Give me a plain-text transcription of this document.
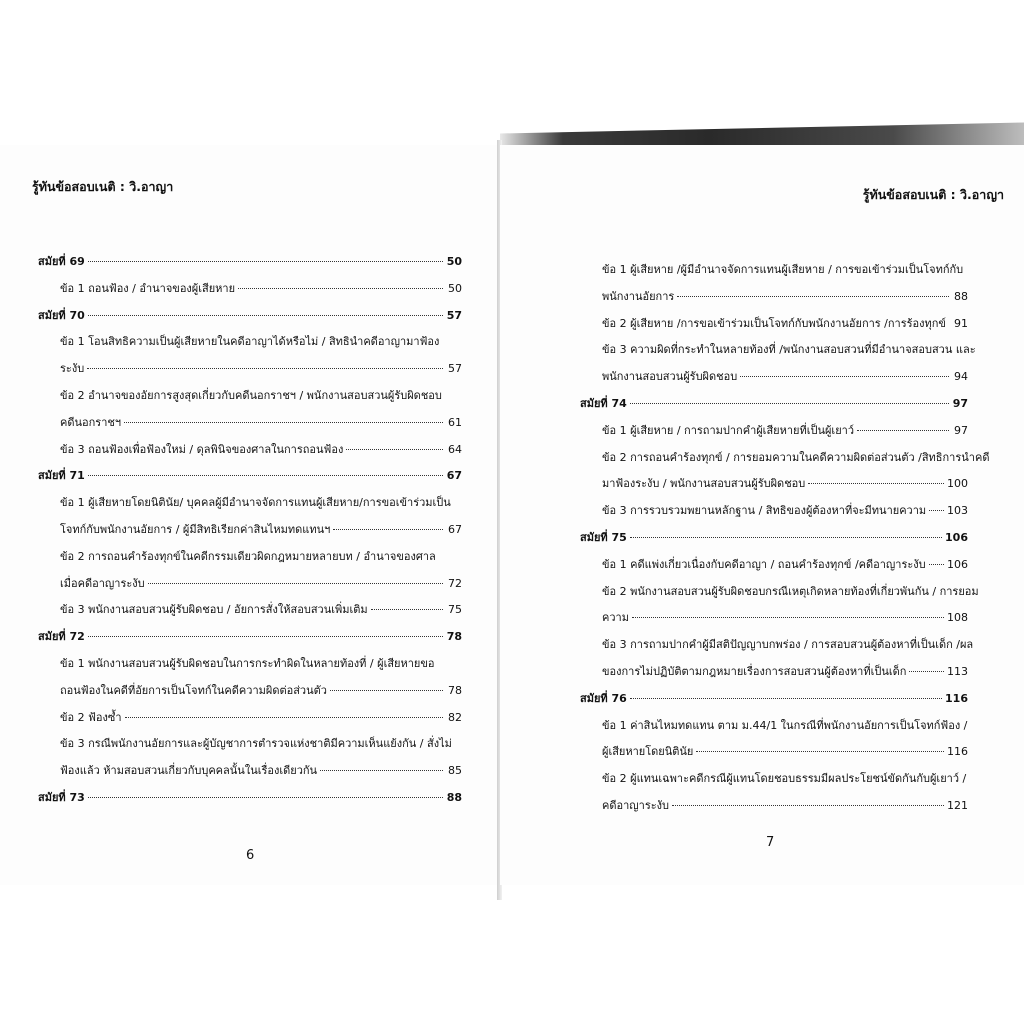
รู้ทันข้อสอบเนติ : วิ.อาญา
สมัยที่ 69	50
ข้อ 1 ถอนฟ้อง / อำนาจของผู้เสียหาย	50
สมัยที่ 70	57
ข้อ 1 โอนสิทธิความเป็นผู้เสียหายในคดีอาญาได้หรือไม่ / สิทธินำคดีอาญามาฟ้อง
ระงับ	57
ข้อ 2 อำนาจของอัยการสูงสุดเกี่ยวกับคดีนอกราชฯ / พนักงานสอบสวนผู้รับผิดชอบ
คดีนอกราชฯ	61
ข้อ 3 ถอนฟ้องเพื่อฟ้องใหม่ / ดุลพินิจของศาลในการถอนฟ้อง	64
สมัยที่ 71	67
ข้อ 1 ผู้เสียหายโดยนิตินัย/ บุคคลผู้มีอำนาจจัดการแทนผู้เสียหาย/การขอเข้าร่วมเป็น
โจทก์กับพนักงานอัยการ / ผู้มีสิทธิเรียกค่าสินไหมทดแทนฯ	67
ข้อ 2 การถอนคำร้องทุกข์ในคดีกรรมเดียวผิดกฎหมายหลายบท / อำนาจของศาล
เมื่อคดีอาญาระงับ	72
ข้อ 3 พนักงานสอบสวนผู้รับผิดชอบ / อัยการสั่งให้สอบสวนเพิ่มเติม	75
สมัยที่ 72	78
ข้อ 1 พนักงานสอบสวนผู้รับผิดชอบในการกระทำผิดในหลายท้องที่ / ผู้เสียหายขอ
ถอนฟ้องในคดีที่อัยการเป็นโจทก์ในคดีความผิดต่อส่วนตัว	78
ข้อ 2 ฟ้องซ้ำ	82
ข้อ 3 กรณีพนักงานอัยการและผู้บัญชาการตำรวจแห่งชาติมีความเห็นแย้งกัน / สั่งไม่
ฟ้องแล้ว ห้ามสอบสวนเกี่ยวกับบุคคลนั้นในเรื่องเดียวกัน	85
สมัยที่ 73	88
6
รู้ทันข้อสอบเนติ : วิ.อาญา
ข้อ 1 ผู้เสียหาย /ผู้มีอำนาจจัดการแทนผู้เสียหาย / การขอเข้าร่วมเป็นโจทก์กับ
พนักงานอัยการ	88
ข้อ 2 ผู้เสียหาย /การขอเข้าร่วมเป็นโจทก์กับพนักงานอัยการ /การร้องทุกข์ 91
ข้อ 3 ความผิดที่กระทำในหลายท้องที่ /พนักงานสอบสวนที่มีอำนาจสอบสวน และ
พนักงานสอบสวนผู้รับผิดชอบ	94
สมัยที่ 74	97
ข้อ 1 ผู้เสียหาย / การถามปากคำผู้เสียหายที่เป็นผู้เยาว์	97
ข้อ 2 การถอนคำร้องทุกข์ / การยอมความในคดีความผิดต่อส่วนตัว /สิทธิการนำคดี
มาฟ้องระงับ / พนักงานสอบสวนผู้รับผิดชอบ	100
ข้อ 3 การรวบรวมพยานหลักฐาน / สิทธิของผู้ต้องหาที่จะมีทนายความ 103
สมัยที่ 75	106
ข้อ 1 คดีแพ่งเกี่ยวเนื่องกับคดีอาญา / ถอนคำร้องทุกข์ /คดีอาญาระงับ 106
ข้อ 2 พนักงานสอบสวนผู้รับผิดชอบกรณีเหตุเกิดหลายท้องที่เกี่ยวพันกัน / การยอม
ความ	108
ข้อ 3 การถามปากคำผู้มีสติปัญญาบกพร่อง / การสอบสวนผู้ต้องหาที่เป็นเด็ก /ผล
ของการไม่ปฏิบัติตามกฎหมายเรื่องการสอบสวนผู้ต้องหาที่เป็นเด็ก	113
สมัยที่ 76	116
ข้อ 1 ค่าสินไหมทดแทน ตาม ม.44/1 ในกรณีที่พนักงานอัยการเป็นโจทก์ฟ้อง /
ผู้เสียหายโดยนิตินัย	116
ข้อ 2 ผู้แทนเฉพาะคดีกรณีผู้แทนโดยชอบธรรมมีผลประโยชน์ขัดกันกับผู้เยาว์ /
คดีอาญาระงับ	121
7
